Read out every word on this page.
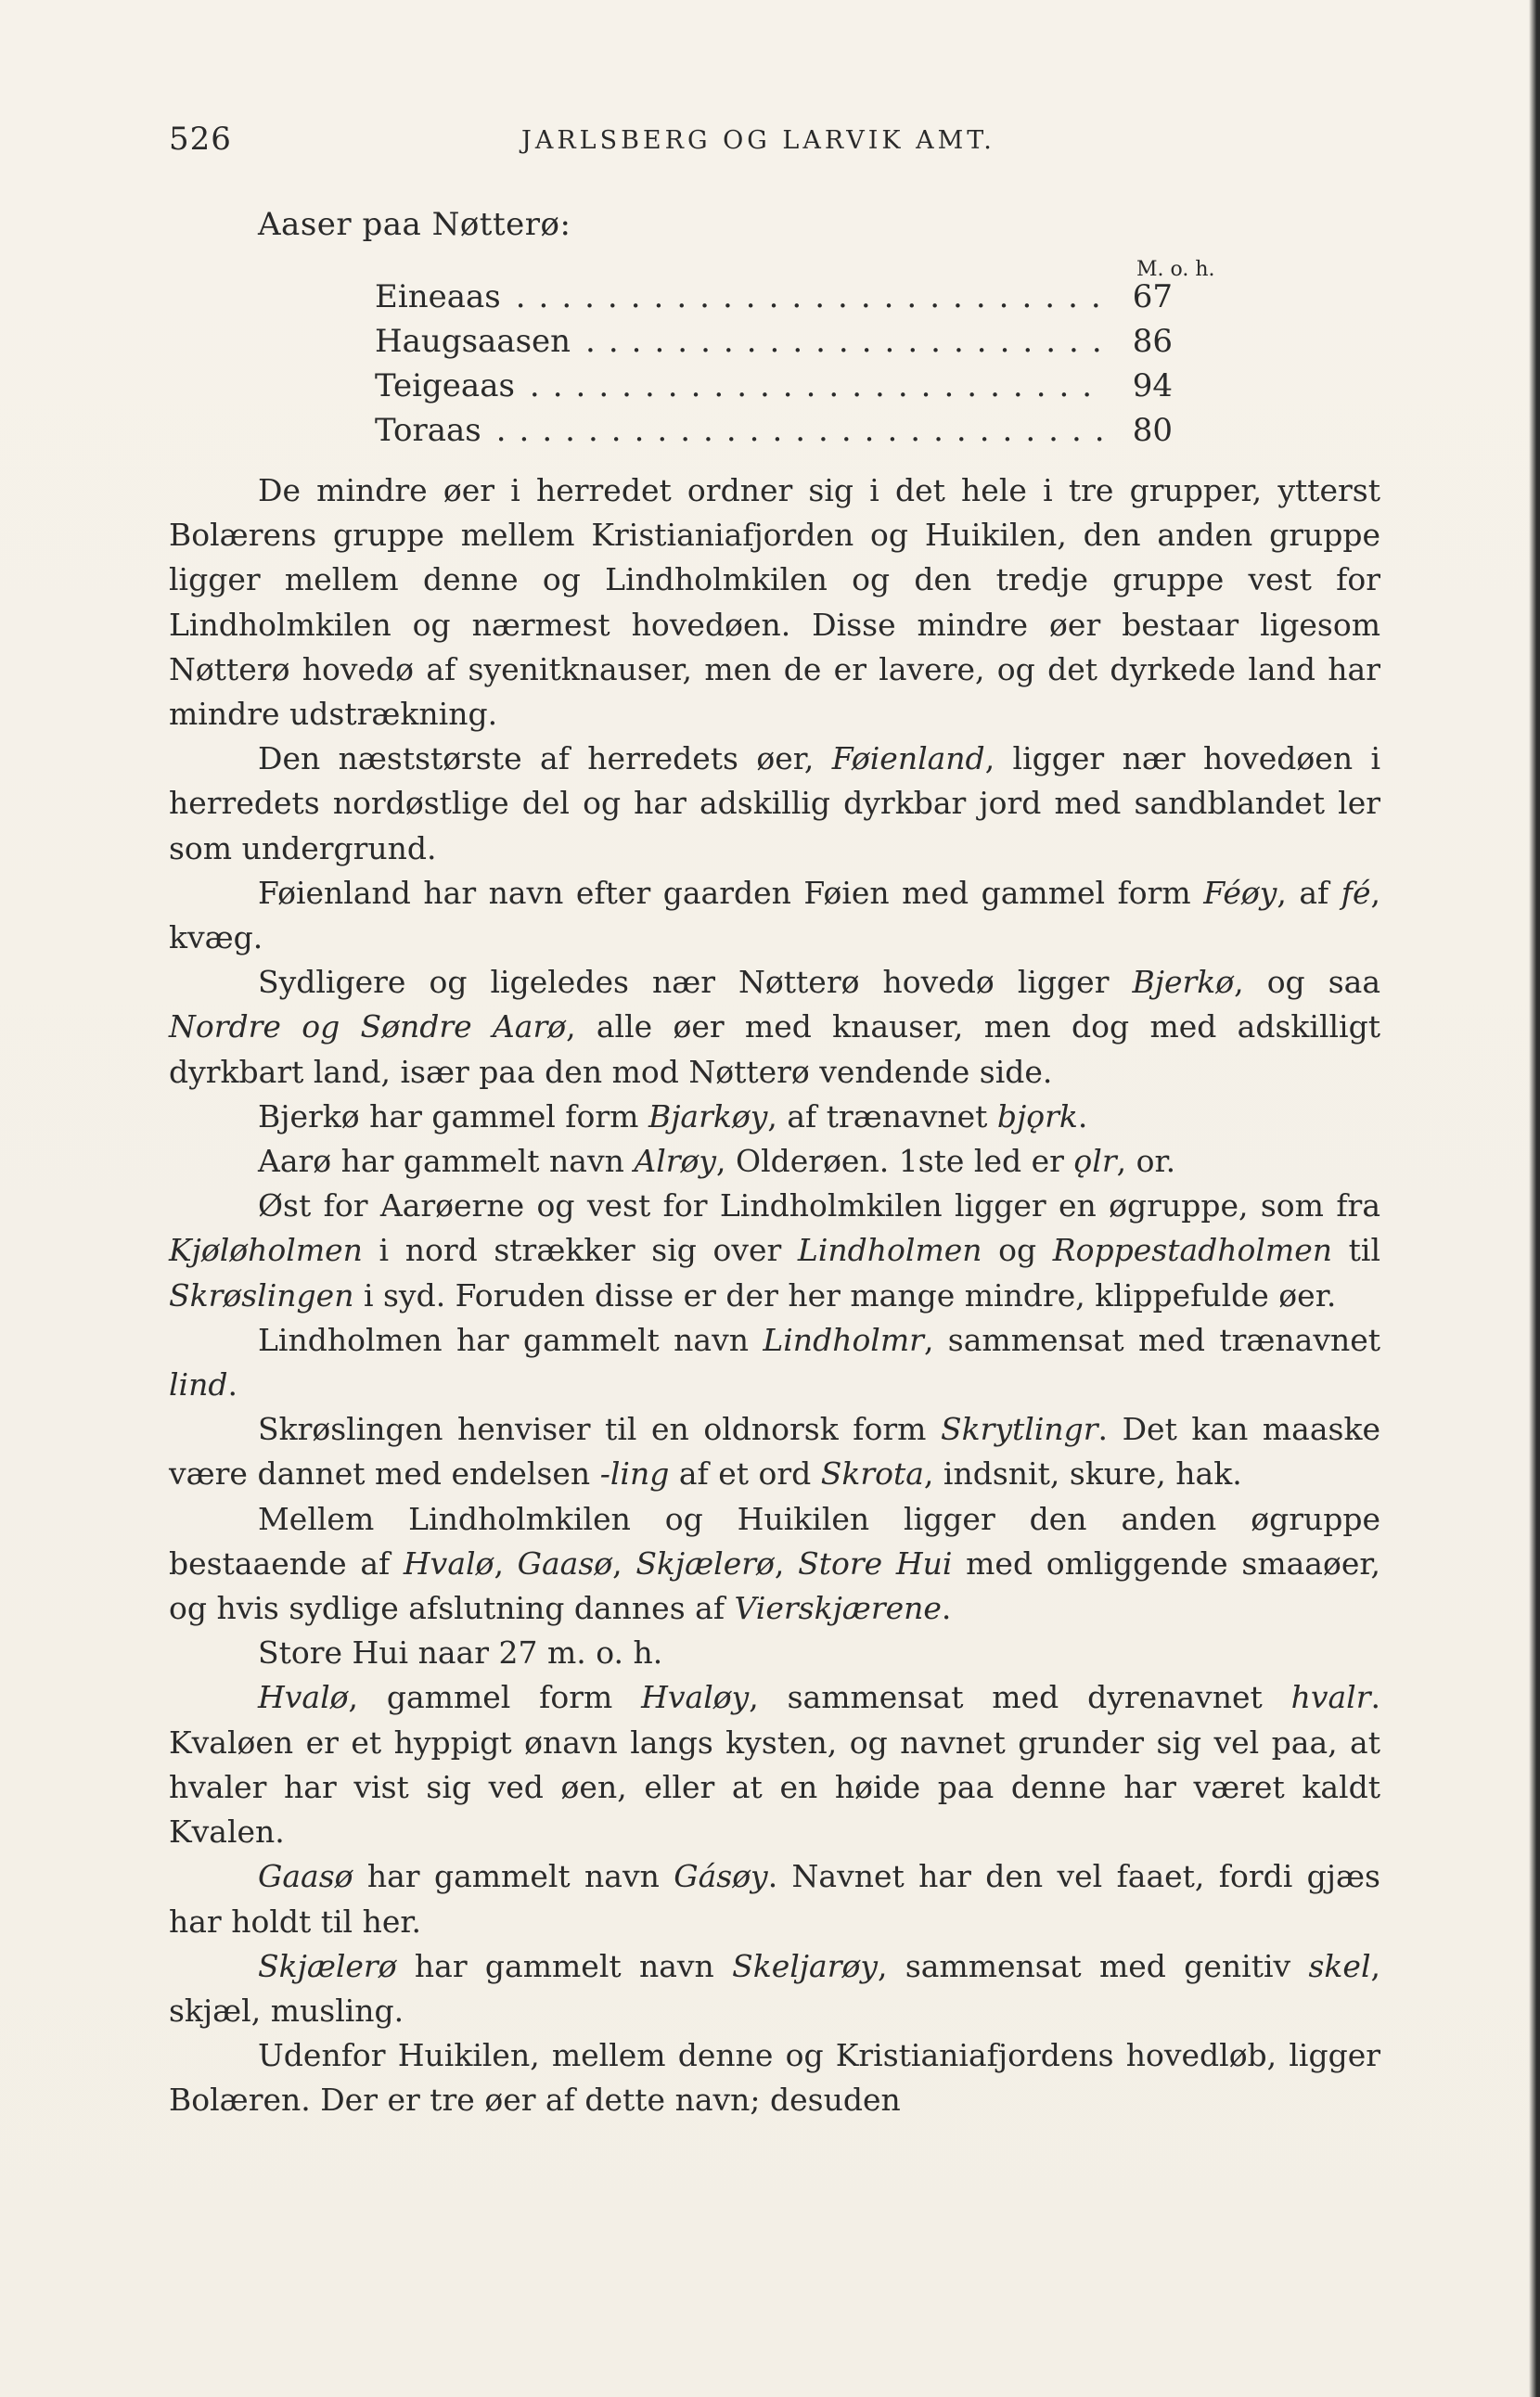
526	JARLSBERG OG LARVIK AMT.
Aaser paa Nøtterø:
M. o. h.
Eineaas .....	67
Haugsaasen .....	86
Teigeaas .....	94
Toraas .....	80

De mindre øer i herredet ordner sig i det hele i tre grupper, ytterst Bolærens gruppe mellem Kristianiafjorden og Huikilen, den anden gruppe ligger mellem denne og Lindholmkilen og den tredje gruppe vest for Lindholmkilen og nærmest hovedøen. Disse mindre øer bestaar ligesom Nøtterø hovedø af syenitknauser, men de er lavere, og det dyrkede land har mindre udstrækning.

Den næststørste af herredets øer, Føienland, ligger nær hovedøen i herredets nordøstlige del og har adskillig dyrkbar jord med sandblandet ler som undergrund.

Føienland har navn efter gaarden Føien med gammel form Féøy, af fé, kvæg.

Sydligere og ligeledes nær Nøtterø hovedø ligger Bjerkø, og saa Nordre og Søndre Aarø, alle øer med knauser, men dog med adskilligt dyrkbart land, især paa den mod Nøtterø vendende side.

Bjerkø har gammel form Bjarkøy, af trænavnet bjǫrk.

Aarø har gammelt navn Alrøy, Olderøen. 1ste led er ǫlr, or.

Øst for Aarøerne og vest for Lindholmkilen ligger en øgruppe, som fra Kjøløholmen i nord strækker sig over Lindholmen og Roppestadholmen til Skrøslingen i syd. Foruden disse er der her mange mindre, klippefulde øer.

Lindholmen har gammelt navn Lindholmr, sammensat med trænavnet lind.

Skrøslingen henviser til en oldnorsk form Skrytlingr. Det kan maaske være dannet med endelsen -ling af et ord Skrota, indsnit, skure, hak.

Mellem Lindholmkilen og Huikilen ligger den anden øgruppe bestaaende af Hvalø, Gaasø, Skjælerø, Store Hui med omliggende smaaøer, og hvis sydlige afslutning dannes af Vierskjærene.

Store Hui naar 27 m. o. h.

Hvalø, gammel form Hvaløy, sammensat med dyrenavnet hvalr. Kvaløen er et hyppigt ønavn langs kysten, og navnet grunder sig vel paa, at hvaler har vist sig ved øen, eller at en høide paa denne har været kaldt Kvalen.

Gaasø har gammelt navn Gásøy. Navnet har den vel faaet, fordi gjæs har holdt til her.

Skjælerø har gammelt navn Skeljarøy, sammensat med genitiv skel, skjæl, musling.

Udenfor Huikilen, mellem denne og Kristianiafjordens hovedløb, ligger Bolæren. Der er tre øer af dette navn; desuden
